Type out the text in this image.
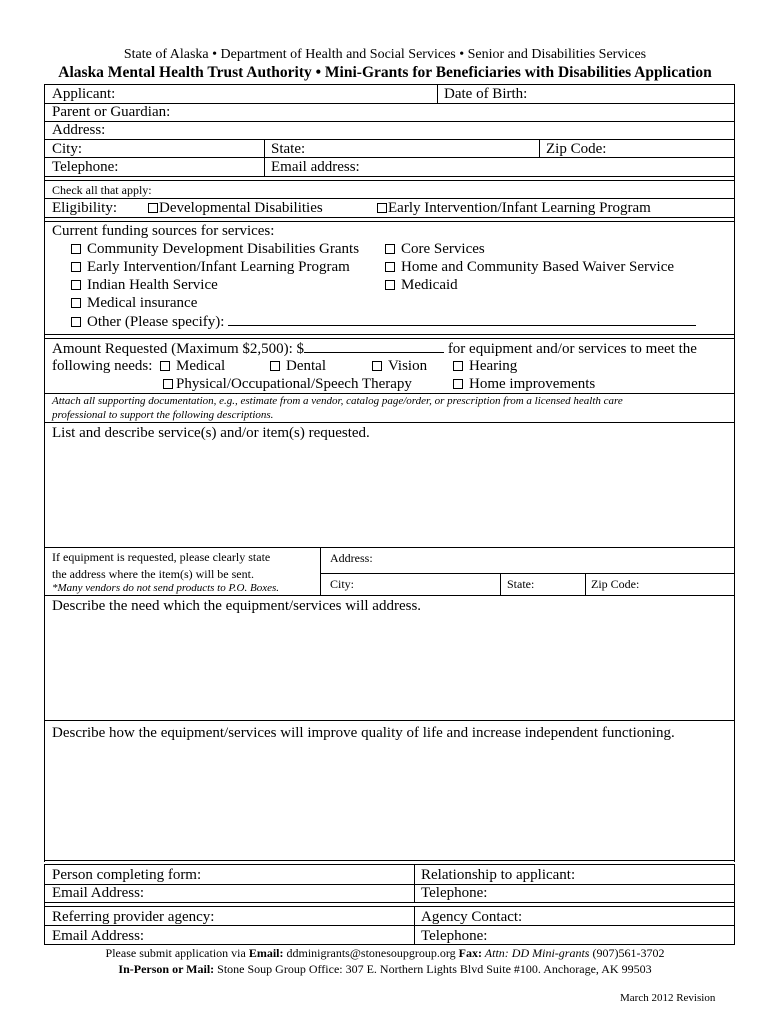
State of Alaska • Department of Health and Social Services • Senior and Disabilities Services
Alaska Mental Health Trust Authority • Mini-Grants for Beneficiaries with Disabilities Application
Applicant:	Date of Birth:
Parent or Guardian:
Address:
City:	State:	Zip Code:
Telephone:	Email address:
Check all that apply:
Eligibility:	Developmental Disabilities	Early Intervention/Infant Learning Program
Current funding sources for services:
Community Development Disabilities Grants
Early Intervention/Infant Learning Program
Indian Health Service
Medical insurance
Other (Please specify):
Core Services
Home and Community Based Waiver Service
Medicaid
Amount Requested (Maximum $2,500): $	for equipment and/or services to meet the
following needs:	Medical	Dental	Vision	Hearing
Physical/Occupational/Speech Therapy	Home improvements
Attach all supporting documentation, e.g., estimate from a vendor, catalog page/order, or prescription from a licensed health care
professional to support the following descriptions.
List and describe service(s) and/or item(s) requested.
If equipment is requested, please clearly state
the address where the item(s) will be sent.
*Many vendors do not send products to P.O. Boxes.
Address:
City:	State:	Zip Code:
Describe the need which the equipment/services will address.
Describe how the equipment/services will improve quality of life and increase independent functioning.
Person completing form:	Relationship to applicant:
Email Address:	Telephone:
Referring provider agency:	Agency Contact:
Email Address:	Telephone:
Please submit application via Email: ddminigrants@stonesoupgroup.org Fax: Attn: DD Mini-grants (907)561-3702
In-Person or Mail: Stone Soup Group Office: 307 E. Northern Lights Blvd Suite #100. Anchorage, AK 99503
March 2012 Revision
